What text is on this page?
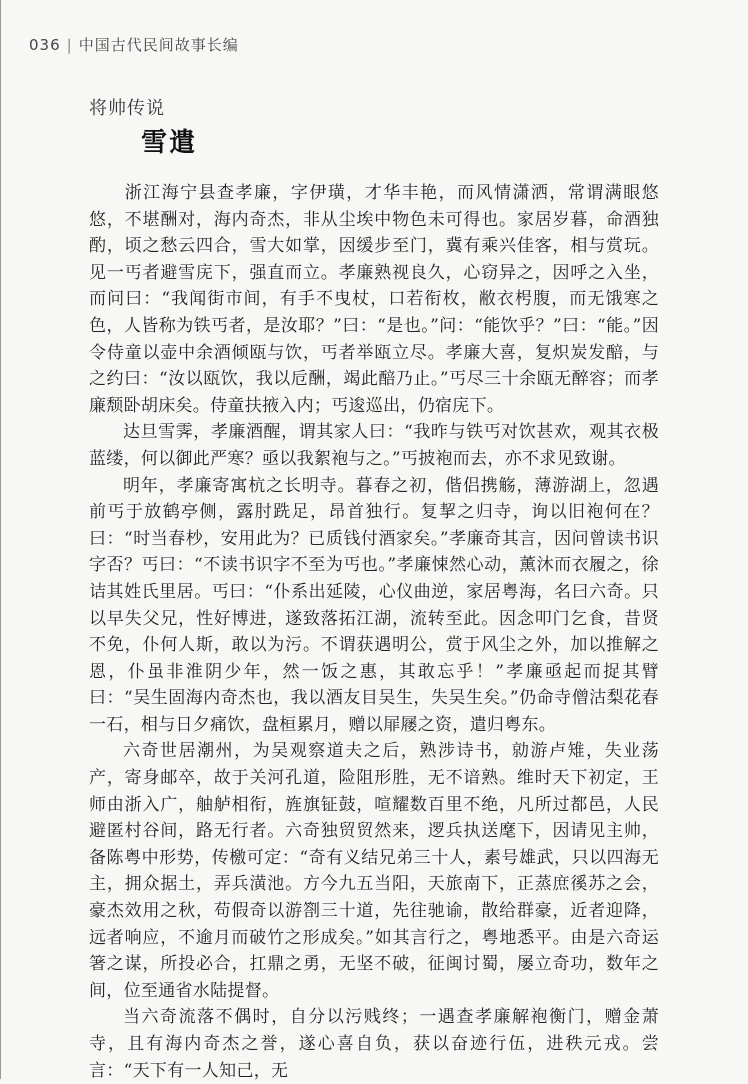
036 | 中国古代民间故事长编
将帅传说
雪遣

浙江海宁县查孝廉，字伊璜，才华丰艳，而风情潇洒，常谓满眼悠悠，不堪酬对，海内奇杰，非从尘埃中物色未可得也。家居岁暮，命酒独酌，顷之愁云四合，雪大如掌，因缓步至门，冀有乘兴佳客，相与赏玩。见一丐者避雪庑下，强直而立。孝廉熟视良久，心窃异之，因呼之入坐，而问曰：“我闻街市间，有手不曳杖，口若衔枚，敝衣枵腹，而无饿寒之色，人皆称为铁丐者，是汝耶？”曰：“是也。”问：“能饮乎？”曰：“能。”因令侍童以壶中余酒倾瓯与饮，丐者举瓯立尽。孝廉大喜，复炽炭发醅，与之约曰：“汝以瓯饮，我以卮酬，竭此醅乃止。”丐尽三十余瓯无醉容；而孝廉颓卧胡床矣。侍童扶掖入内；丐逡巡出，仍宿庑下。

达旦雪霁，孝廉酒醒，谓其家人曰：“我昨与铁丐对饮甚欢，观其衣极蓝缕，何以御此严寒？亟以我絮袍与之。”丐披袍而去，亦不求见致谢。

明年，孝廉寄寓杭之长明寺。暮春之初，偕侣携觞，薄游湖上，忽遇前丐于放鹤亭侧，露肘跣足，昂首独行。复挈之归寺，询以旧袍何在？曰：“时当春杪，安用此为？已质钱付酒家矣。”孝廉奇其言，因问曾读书识字否？丐曰：“不读书识字不至为丐也。”孝廉悚然心动，薰沐而衣履之，徐诘其姓氏里居。丐曰：“仆系出延陵，心仪曲逆，家居粤海，名曰六奇。只以早失父兄，性好博进，遂致落拓江湖，流转至此。因念叩门乞食，昔贤不免，仆何人斯，敢以为污。不谓获遇明公，赏于风尘之外，加以推解之恩，仆虽非淮阴少年，然一饭之惠，其敢忘乎！”孝廉亟起而捉其臂曰：“吴生固海内奇杰也，我以酒友目吴生，失吴生矣。”仍命寺僧沽梨花春一石，相与日夕痛饮，盘桓累月，赠以屝屦之资，遣归粤东。

六奇世居潮州，为吴观察道夫之后，熟涉诗书，勍游卢雉，失业荡产，寄身邮卒，故于关河孔道，险阻形胜，无不谙熟。维时天下初定，王师由浙入广，舳舻相衔，旌旗钲鼓，喧耀数百里不绝，凡所过都邑，人民避匿村谷间，路无行者。六奇独贸贸然来，逻兵执送麾下，因请见主帅，备陈粤中形势，传檄可定：“奇有义结兄弟三十人，素号雄武，只以四海无主，拥众据土，弄兵潢池。方今九五当阳，天旅南下，正蒸庶徯苏之会，豪杰效用之秋，苟假奇以游劄三十道，先往驰谕，散给群豪，近者迎降，远者响应，不逾月而破竹之形成矣。”如其言行之，粤地悉平。由是六奇运箸之谋，所投必合，扛鼎之勇，无坚不破，征闽讨蜀，屡立奇功，数年之间，位至通省水陆提督。

当六奇流落不偶时，自分以污贱终；一遇查孝廉解袍衡门，赠金萧寺，且有海内奇杰之誉，遂心喜自负，获以奋迹行伍，进秩元戎。尝言：“天下有一人知己，无
